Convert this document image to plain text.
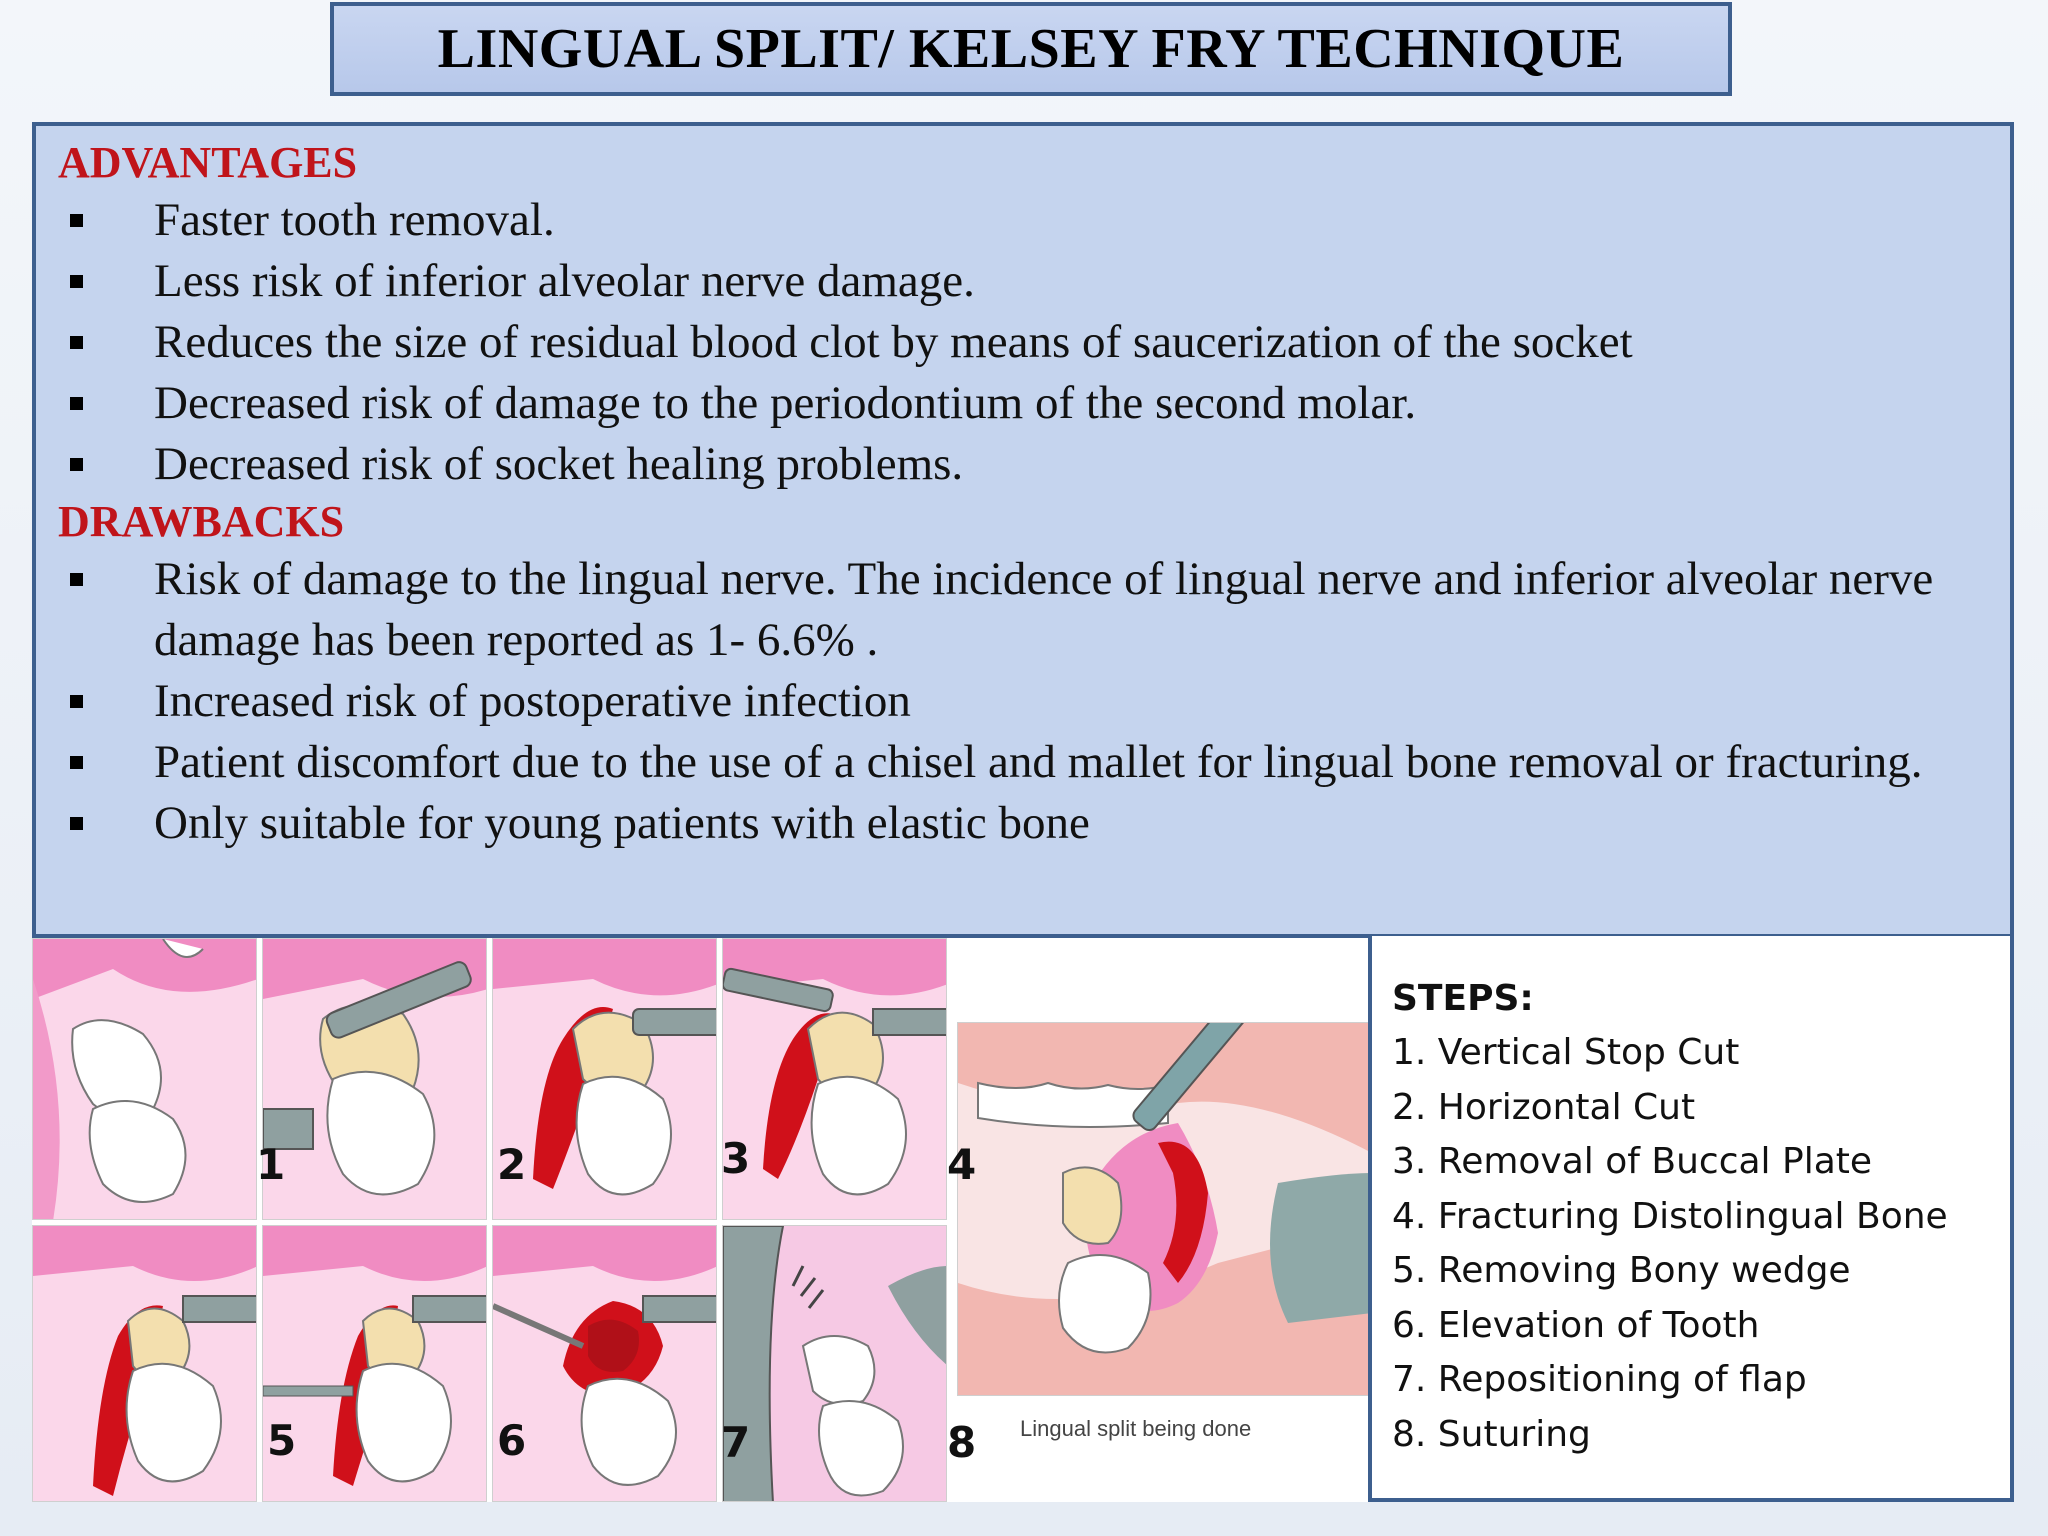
LINGUAL SPLIT/ KELSEY FRY TECHNIQUE

ADVANTAGES

Faster tooth removal.
Less risk of inferior alveolar nerve damage.
Reduces the size of residual blood clot by means of saucerization of the socket
Decreased risk of damage to the periodontium of the second molar.
Decreased risk of socket healing problems.

DRAWBACKS

Risk of damage to the lingual nerve. The incidence of lingual nerve and inferior alveolar nerve damage has been reported as 1- 6.6% .
Increased risk of postoperative infection
Patient discomfort due to the use of a chisel and mallet for lingual bone removal or fracturing.
Only suitable for young patients with elastic bone
1	2	3	4
5	6	7	8 Lingual split being done
STEPS:
1. Vertical Stop Cut
2. Horizontal Cut
3. Removal of Buccal Plate
4. Fracturing Distolingual Bone
5. Removing Bony wedge
6. Elevation of Tooth
7. Repositioning of flap
8. Suturing
